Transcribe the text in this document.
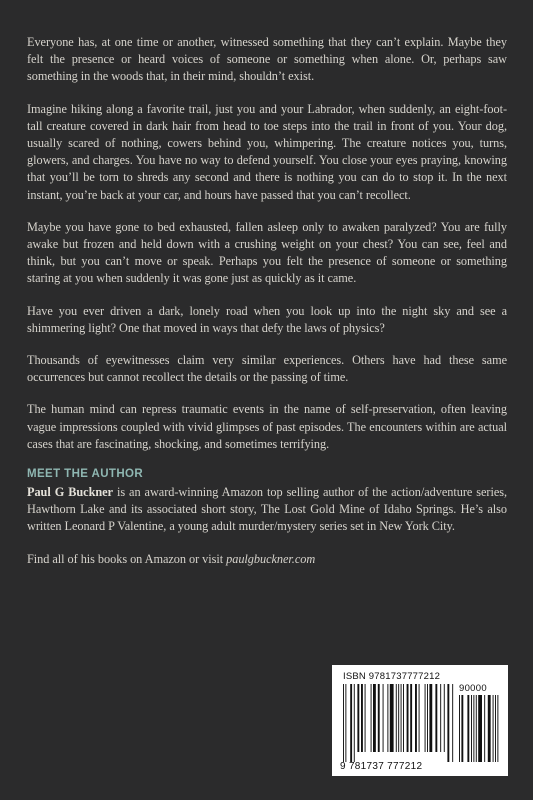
Everyone has, at one time or another, witnessed something that they can’t explain. Maybe they felt the presence or heard voices of someone or something when alone. Or, perhaps saw something in the woods that, in their mind, shouldn’t exist.

Imagine hiking along a favorite trail, just you and your Labrador, when suddenly, an eight-foot-tall creature covered in dark hair from head to toe steps into the trail in front of you. Your dog, usually scared of nothing, cowers behind you, whimpering. The creature notices you, turns, glowers, and charges. You have no way to defend yourself. You close your eyes praying, knowing that you’ll be torn to shreds any second and there is nothing you can do to stop it. In the next instant, you’re back at your car, and hours have passed that you can’t recollect.

Maybe you have gone to bed exhausted, fallen asleep only to awaken paralyzed? You are fully awake but frozen and held down with a crushing weight on your chest? You can see, feel and think, but you can’t move or speak. Perhaps you felt the presence of someone or something staring at you when suddenly it was gone just as quickly as it came.

Have you ever driven a dark, lonely road when you look up into the night sky and see a shimmering light? One that moved in ways that defy the laws of physics?

Thousands of eyewitnesses claim very similar experiences. Others have had these same occurrences but cannot recollect the details or the passing of time.

The human mind can repress traumatic events in the name of self-preservation, often leaving vague impressions coupled with vivid glimpses of past episodes. The encounters within are actual cases that are fascinating, shocking, and sometimes terrifying.

MEET THE AUTHOR

Paul G Buckner is an award-winning Amazon top selling author of the action/adventure series, Hawthorn Lake and its associated short story, The Lost Gold Mine of Idaho Springs. He’s also written Leonard P Valentine, a young adult murder/mystery series set in New York City.

Find all of his books on Amazon or visit paulgbuckner.com

ISBN 9781737777212
90000
9 781737 777212
